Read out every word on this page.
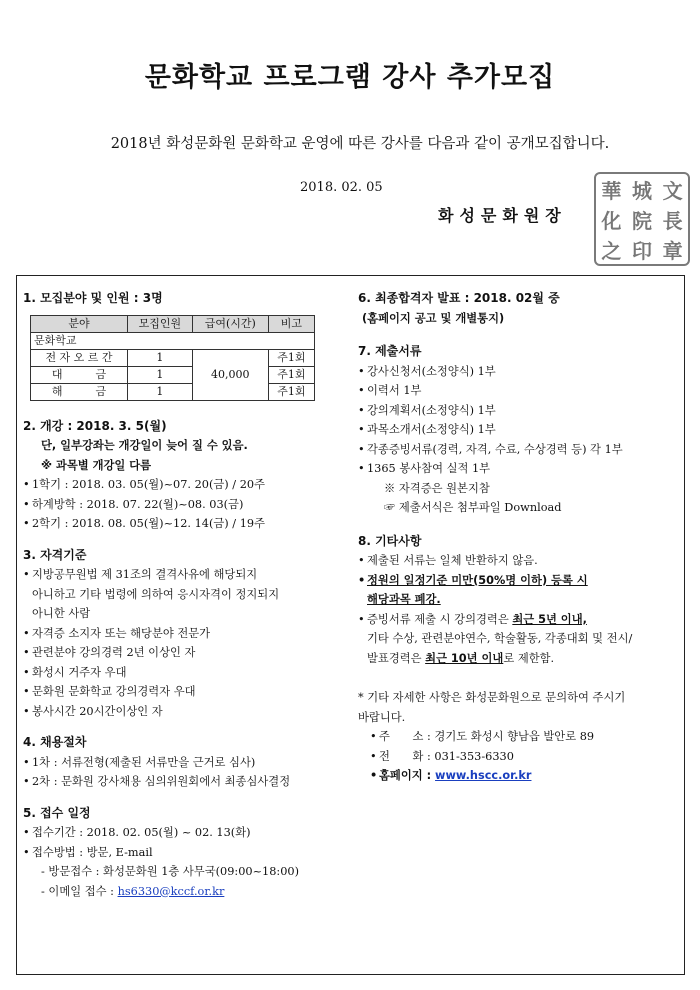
문화학교 프로그램 강사 추가모집
2018년 화성문화원 문화학교 운영에 따른 강사를 다음과 같이 공개모집합니다.
2018. 02. 05
화성문화원장
華 城 文
化 院 長
之 印 章
1. 모집분야 및 인원 : 3명
분야	모집인원	급여(시간)	비고
문화학교			
전 자 오 르 간	1	40,000	주1회
대　　　금	1		주1회
해　　　금	1		주1회
2. 개강 : 2018. 3. 5(월)
단, 일부강좌는 개강일이 늦어 질 수 있음.
※ 과목별 개강일 다름
• 1학기 : 2018. 03. 05(월)~07. 20(금) / 20주
• 하계방학 : 2018. 07. 22(월)~08. 03(금)
• 2학기 : 2018. 08. 05(월)~12. 14(금) / 19주
3. 자격기준
• 지방공무원법 제 31조의 결격사유에 해당되지
아니하고 기타 법령에 의하여 응시자격이 정지되지
아니한 사람
• 자격증 소지자 또는 해당분야 전문가
• 관련분야 강의경력 2년 이상인 자
• 화성시 거주자 우대
• 문화원 문화학교 강의경력자 우대
• 봉사시간 20시간이상인 자
4. 채용절차
• 1차 : 서류전형(제출된 서류만을 근거로 심사)
• 2차 : 문화원 강사채용 심의위원회에서 최종심사결정
5. 접수 일정
• 접수기간 : 2018. 02. 05(월) ~ 02. 13(화)
• 접수방법 : 방문, E-mail
- 방문접수 : 화성문화원 1층 사무국(09:00~18:00)
- 이메일 접수 : hs6330@kccf.or.kr
6. 최종합격자 발표 : 2018. 02월 중
(홈페이지 공고 및 개별통지)
7. 제출서류
• 강사신청서(소정양식) 1부
• 이력서 1부
• 강의계획서(소정양식) 1부
• 과목소개서(소정양식) 1부
• 각종증빙서류(경력, 자격, 수료, 수상경력 등) 각 1부
• 1365 봉사참여 실적 1부
※ 자격증은 원본지참
☞ 제출서식은 첨부파일 Download
8. 기타사항
• 제출된 서류는 일체 반환하지 않음.
• 정원의 일정기준 미만(50%명 이하) 등록 시
해당과목 폐강.
• 증빙서류 제출 시 강의경력은 최근 5년 이내,
기타 수상, 관련분야연수, 학술활동, 각종대회 및 전시/
발표경력은 최근 10년 이내로 제한함.
* 기타 자세한 사항은 화성문화원으로 문의하여 주시기
바랍니다.
• 주　　소 : 경기도 화성시 향남읍 발안로 89
• 전　　화 : 031-353-6330
• 홈페이지 : www.hscc.or.kr
